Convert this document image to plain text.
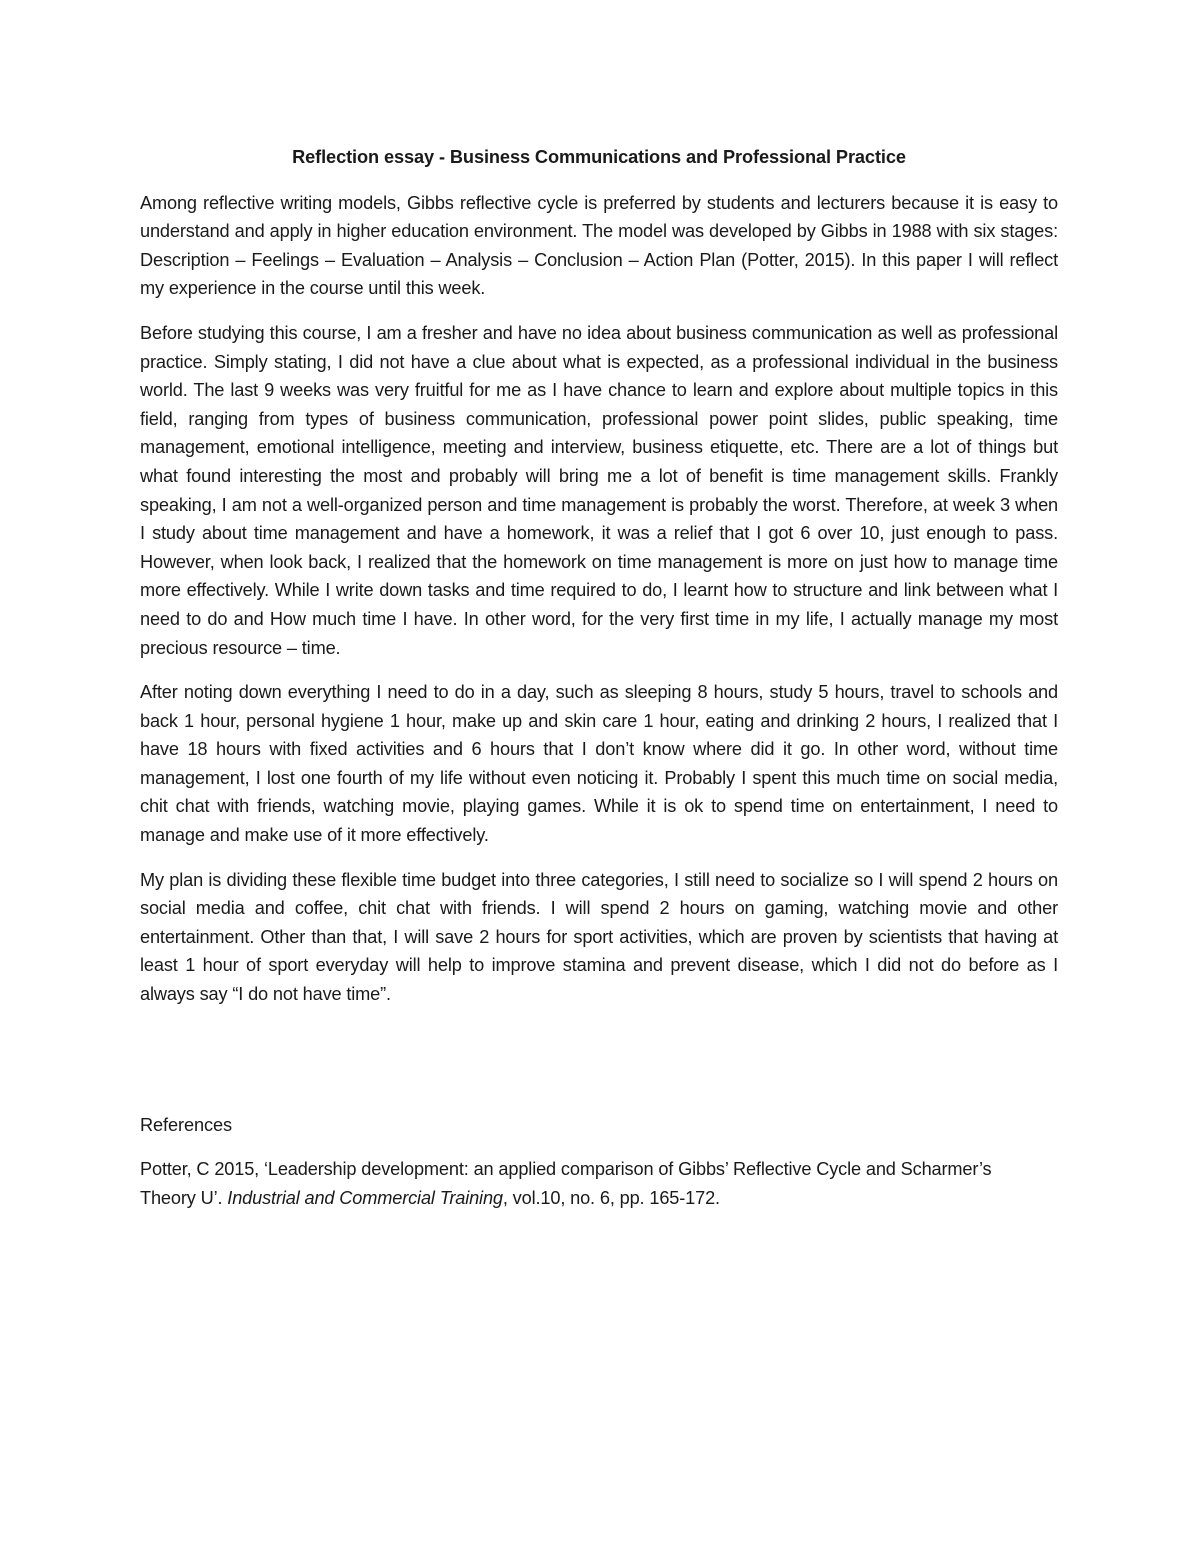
Reflection essay - Business Communications and Professional Practice

Among reflective writing models, Gibbs reflective cycle is preferred by students and lecturers because it is easy to understand and apply in higher education environment. The model was developed by Gibbs in 1988 with six stages: Description – Feelings – Evaluation – Analysis – Conclusion – Action Plan (Potter, 2015). In this paper I will reflect my experience in the course until this week.

Before studying this course, I am a fresher and have no idea about business communication as well as professional practice. Simply stating, I did not have a clue about what is expected, as a professional individual in the business world. The last 9 weeks was very fruitful for me as I have chance to learn and explore about multiple topics in this field, ranging from types of business communication, professional power point slides, public speaking, time management, emotional intelligence, meeting and interview, business etiquette, etc. There are a lot of things but what found interesting the most and probably will bring me a lot of benefit is time management skills. Frankly speaking, I am not a well-organized person and time management is probably the worst. Therefore, at week 3 when I study about time management and have a homework, it was a relief that I got 6 over 10, just enough to pass. However, when look back, I realized that the homework on time management is more on just how to manage time more effectively. While I write down tasks and time required to do, I learnt how to structure and link between what I need to do and How much time I have. In other word, for the very first time in my life, I actually manage my most precious resource – time.

After noting down everything I need to do in a day, such as sleeping 8 hours, study 5 hours, travel to schools and back 1 hour, personal hygiene 1 hour, make up and skin care 1 hour, eating and drinking 2 hours, I realized that I have 18 hours with fixed activities and 6 hours that I don’t know where did it go. In other word, without time management, I lost one fourth of my life without even noticing it. Probably I spent this much time on social media, chit chat with friends, watching movie, playing games. While it is ok to spend time on entertainment, I need to manage and make use of it more effectively.

My plan is dividing these flexible time budget into three categories, I still need to socialize so I will spend 2 hours on social media and coffee, chit chat with friends. I will spend 2 hours on gaming, watching movie and other entertainment. Other than that, I will save 2 hours for sport activities, which are proven by scientists that having at least 1 hour of sport everyday will help to improve stamina and prevent disease, which I did not do before as I always say “I do not have time”.

References

Potter, C 2015, ‘Leadership development: an applied comparison of Gibbs’ Reflective Cycle and Scharmer’s Theory U’. Industrial and Commercial Training, vol.10, no. 6, pp. 165-172.
